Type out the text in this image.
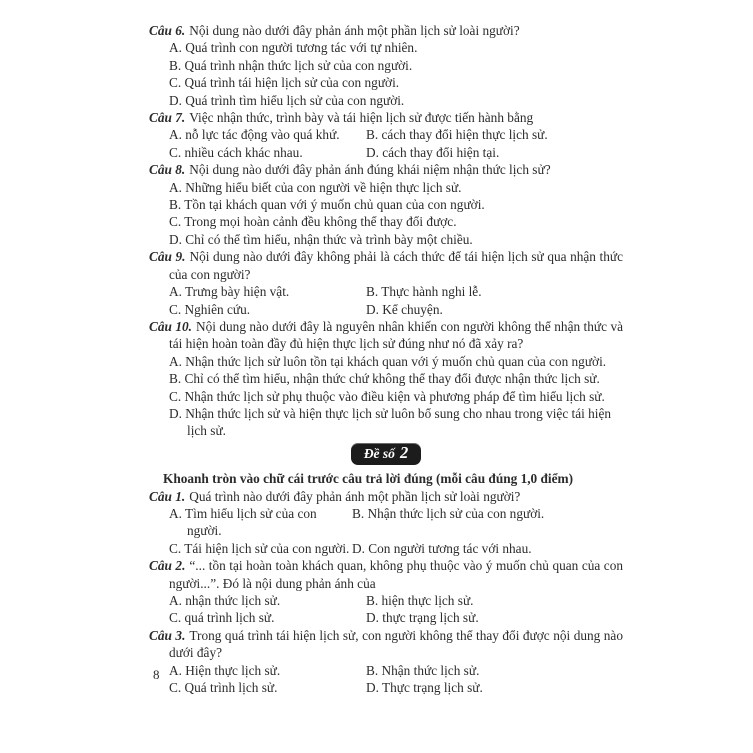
Câu 6. Nội dung nào dưới đây phản ánh một phần lịch sử loài người?

A. Quá trình con người tương tác với tự nhiên.
B. Quá trình nhận thức lịch sử của con người.
C. Quá trình tái hiện lịch sử của con người.
D. Quá trình tìm hiểu lịch sử của con người.

Câu 7. Việc nhận thức, trình bày và tái hiện lịch sử được tiến hành bằng

A. nỗ lực tác động vào quá khứ.	B. cách thay đổi hiện thực lịch sử.
C. nhiều cách khác nhau.	D. cách thay đổi hiện tại.

Câu 8. Nội dung nào dưới đây phản ánh đúng khái niệm nhận thức lịch sử?

A. Những hiểu biết của con người về hiện thực lịch sử.
B. Tồn tại khách quan với ý muốn chủ quan của con người.
C. Trong mọi hoàn cảnh đều không thể thay đổi được.
D. Chỉ có thể tìm hiểu, nhận thức và trình bày một chiều.

Câu 9. Nội dung nào dưới đây không phải là cách thức để tái hiện lịch sử qua nhận thức của con người?

A. Trưng bày hiện vật.	B. Thực hành nghi lễ.
C. Nghiên cứu.	D. Kể chuyện.

Câu 10. Nội dung nào dưới đây là nguyên nhân khiến con người không thể nhận thức và tái hiện hoàn toàn đầy đủ hiện thực lịch sử đúng như nó đã xảy ra?

A. Nhận thức lịch sử luôn tồn tại khách quan với ý muốn chủ quan của con người.
B. Chỉ có thể tìm hiểu, nhận thức chứ không thể thay đổi được nhận thức lịch sử.
C. Nhận thức lịch sử phụ thuộc vào điều kiện và phương pháp để tìm hiểu lịch sử.
D. Nhận thức lịch sử và hiện thực lịch sử luôn bổ sung cho nhau trong việc tái hiện lịch sử.
Đề số 2

Khoanh tròn vào chữ cái trước câu trả lời đúng (mỗi câu đúng 1,0 điểm)

Câu 1. Quá trình nào dưới đây phản ánh một phần lịch sử loài người?

A. Tìm hiểu lịch sử của con người.
B. Nhận thức lịch sử của con người.
C. Tái hiện lịch sử của con người. D. Con người tương tác với nhau.

Câu 2. “... tồn tại hoàn toàn khách quan, không phụ thuộc vào ý muốn chủ quan của con người...”. Đó là nội dung phản ánh của

A. nhận thức lịch sử.	B. hiện thực lịch sử.
C. quá trình lịch sử.	D. thực trạng lịch sử.

Câu 3. Trong quá trình tái hiện lịch sử, con người không thể thay đổi được nội dung nào dưới đây?

A. Hiện thực lịch sử.	B. Nhận thức lịch sử.
C. Quá trình lịch sử.	D. Thực trạng lịch sử.
8
